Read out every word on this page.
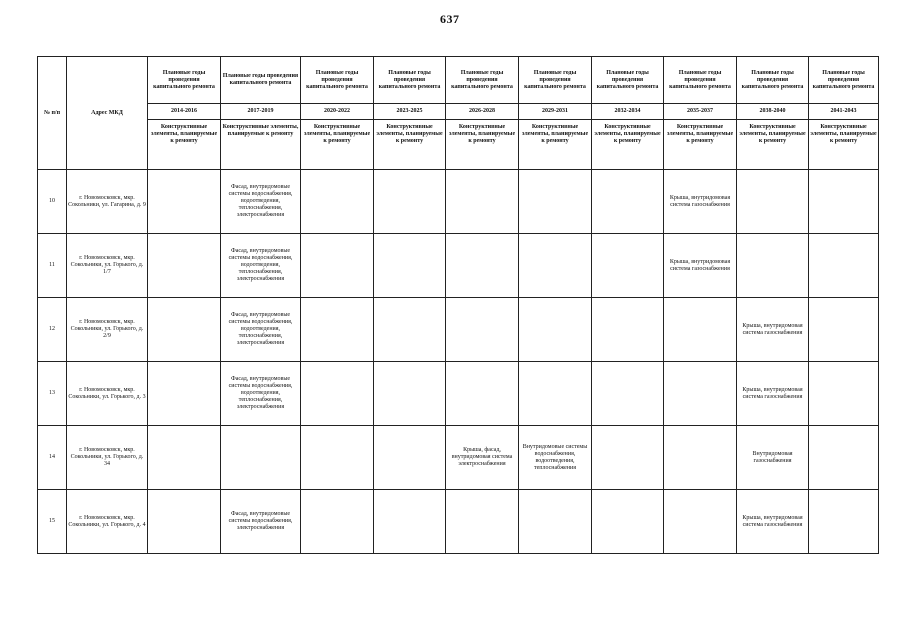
637
№ п/п	Адрес МКД	Плановые годы проведения капитального ремонта	Плановые годы проведения капитального ремонта	Плановые годы проведения капитального ремонта	Плановые годы проведения капитального ремонта	Плановые годы проведения капитального ремонта	Плановые годы проведения капитального ремонта	Плановые годы проведения капитального ремонта	Плановые годы проведения капитального ремонта	Плановые годы проведения капитального ремонта	Плановые годы проведения капитального ремонта
		2014-2016	2017-2019	2020-2022	2023-2025	2026-2028	2029-2031	2032-2034	2035-2037	2038-2040	2041-2043
		Конструктивные элементы, планируемые к ремонту	Конструктивные элементы, планируемые к ремонту	Конструктивные элементы, планируемые к ремонту	Конструктивные элементы, планируемые к ремонту	Конструктивные элементы, планируемые к ремонту	Конструктивные элементы, планируемые к ремонту	Конструктивные элементы, планируемые к ремонту	Конструктивные элементы, планируемые к ремонту	Конструктивные элементы, планируемые к ремонту	Конструктивные элементы, планируемые к ремонту
10	г. Новомосковск, мкр. Сокольники, ул. Гагарина, д. 9		Фасад, внутридомовые системы водоснабжения, водоотведения, теплоснабжения, электроснабжения						Крыша, внутридомовая система газоснабжения		
11	г. Новомосковск, мкр. Сокольники, ул. Горького, д. 1/7		Фасад, внутридомовые системы водоснабжения, водоотведения, теплоснабжения, электроснабжения						Крыша, внутридомовая система газоснабжения		
12	г. Новомосковск, мкр. Сокольники, ул. Горького, д. 2/9		Фасад, внутридомовые системы водоснабжения, водоотведения, теплоснабжения, электроснабжения							Крыша, внутридомовая система газоснабжения	
13	г. Новомосковск, мкр. Сокольники, ул. Горького, д. 3		Фасад, внутридомовые системы водоснабжения, водоотведения, теплоснабжения, электроснабжения							Крыша, внутридомовая система газоснабжения	
14	г. Новомосковск, мкр. Сокольники, ул. Горького, д. 34					Крыша, фасад, внутридомовая система электроснабжения	Внутридомовые системы водоснабжения, водоотведения, теплоснабжения			Внутридомовая газоснабжения	
15	г. Новомосковск, мкр. Сокольники, ул. Горького, д. 4		Фасад, внутридомовые системы водоснабжения, электроснабжения							Крыша, внутридомовая система газоснабжения	
